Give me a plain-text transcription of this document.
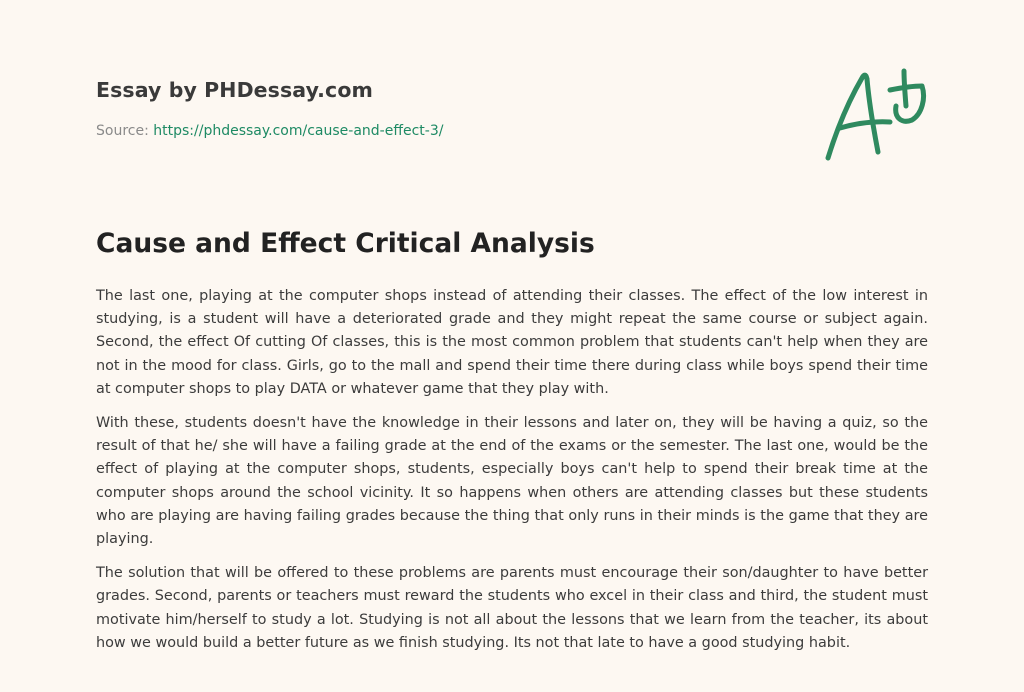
Essay by PHDessay.com
Source: https://phdessay.com/cause-and-effect-3/
Cause and Effect Critical Analysis

The last one, playing at the computer shops instead of attending their classes. The effect of the low interest in studying, is a student will have a deteriorated grade and they might repeat the same course or subject again. Second, the effect Of cutting Of classes, this is the most common problem that students can't help when they are not in the mood for class. Girls, go to the mall and spend their time there during class while boys spend their time at computer shops to play DATA or whatever game that they play with.

With these, students doesn't have the knowledge in their lessons and later on, they will be having a quiz, so the result of that he/ she will have a failing grade at the end of the exams or the semester. The last one, would be the effect of playing at the computer shops, students, especially boys can't help to spend their break time at the computer shops around the school vicinity. It so happens when others are attending classes but these students who are playing are having failing grades because the thing that only runs in their minds is the game that they are playing.

The solution that will be offered to these problems are parents must encourage their son/daughter to have better grades. Second, parents or teachers must reward the students who excel in their class and third, the student must motivate him/herself to study a lot. Studying is not all about the lessons that we learn from the teacher, its about how we would build a better future as we finish studying. Its not that late to have a good studying habit.
